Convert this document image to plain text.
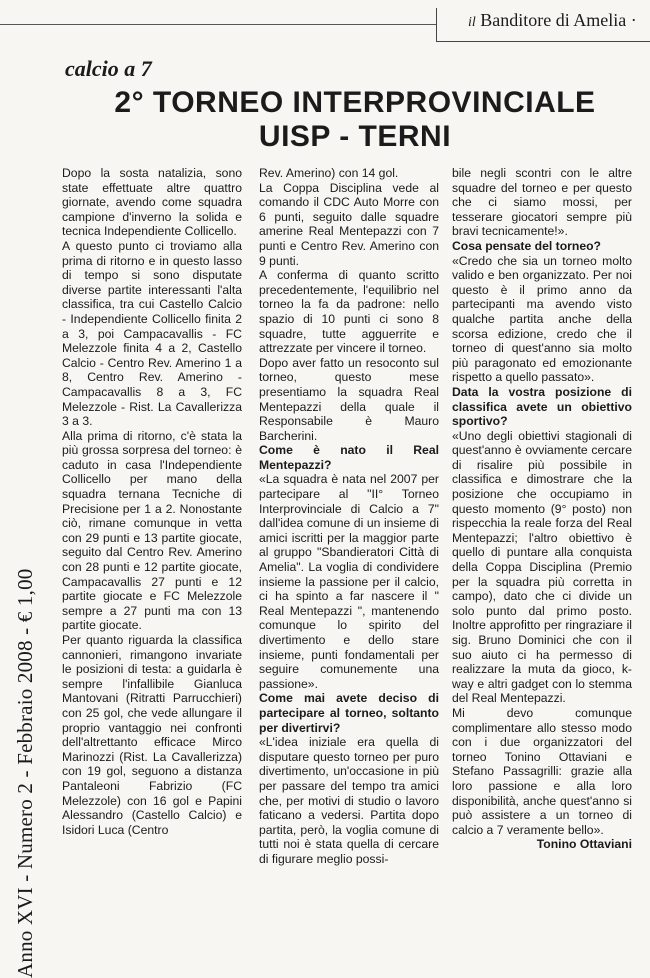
il Banditore di Amelia ·
Anno XVI - Numero 2 - Febbraio 2008 - € 1,00
calcio a 7
2° TORNEO INTERPROVINCIALE
UISP - TERNI

Dopo la sosta natalizia, sono state effettuate altre quattro giornate, avendo come squadra campione d'inverno la solida e tecnica Independiente Collicello.

A questo punto ci troviamo alla prima di ritorno e in questo lasso di tempo si sono disputate diverse partite interessanti l'alta classifica, tra cui Castello Calcio - Independiente Collicello finita 2 a 3, poi Campacavallis - FC Melezzole finita 4 a 2, Castello Calcio - Centro Rev. Amerino 1 a 8, Centro Rev. Amerino - Campacavallis 8 a 3, FC Melezzole - Rist. La Cavallerizza 3 a 3.

Alla prima di ritorno, c'è stata la più grossa sorpresa del torneo: è caduto in casa l'Independiente Collicello per mano della squadra ternana Tecniche di Precisione per 1 a 2. Nonostante ciò, rimane comunque in vetta con 29 punti e 13 partite giocate, seguito dal Centro Rev. Amerino con 28 punti e 12 partite giocate, Campacavallis 27 punti e 12 partite giocate e FC Melezzole sempre a 27 punti ma con 13 partite giocate.

Per quanto riguarda la classifica cannonieri, rimangono invariate le posizioni di testa: a guidarla è sempre l'infallibile Gianluca Mantovani (Ritratti Parrucchieri) con 25 gol, che vede allungare il proprio vantaggio nei confronti dell'altrettanto efficace Mirco Marinozzi (Rist. La Cavallerizza) con 19 gol, seguono a distanza Pantaleoni Fabrizio (FC Melezzole) con 16 gol e Papini Alessandro (Castello Calcio) e Isidori Luca (Centro

Rev. Amerino) con 14 gol.

La Coppa Disciplina vede al comando il CDC Auto Morre con 6 punti, seguito dalle squadre amerine Real Mentepazzi con 7 punti e Centro Rev. Amerino con 9 punti.

A conferma di quanto scritto precedentemente, l'equilibrio nel torneo la fa da padrone: nello spazio di 10 punti ci sono 8 squadre, tutte agguerrite e attrezzate per vincere il torneo.

Dopo aver fatto un resoconto sul torneo, questo mese presentiamo la squadra Real Mentepazzi della quale il Responsabile è Mauro Barcherini.

Come è nato il Real Mentepazzi?

«La squadra è nata nel 2007 per partecipare al "II° Torneo Interprovinciale di Calcio a 7" dall'idea comune di un insieme di amici iscritti per la maggior parte al gruppo "Sbandieratori Città di Amelia". La voglia di condividere insieme la passione per il calcio, ci ha spinto a far nascere il " Real Mentepazzi ", mantenendo comunque lo spirito del divertimento e dello stare insieme, punti fondamentali per seguire comunemente una passione».

Come mai avete deciso di partecipare al torneo, soltanto per divertirvi?

«L'idea iniziale era quella di disputare questo torneo per puro divertimento, un'occasione in più per passare del tempo tra amici che, per motivi di studio o lavoro faticano a vedersi. Partita dopo partita, però, la voglia comune di tutti noi è stata quella di cercare di figurare meglio possi-

bile negli scontri con le altre squadre del torneo e per questo che ci siamo mossi, per tesserare giocatori sempre più bravi tecnicamente!».

Cosa pensate del torneo?

«Credo che sia un torneo molto valido e ben organizzato. Per noi questo è il primo anno da partecipanti ma avendo visto qualche partita anche della scorsa edizione, credo che il torneo di quest'anno sia molto più paragonato ed emozionante rispetto a quello passato».

Data la vostra posizione di classifica avete un obiettivo sportivo?

«Uno degli obiettivi stagionali di quest'anno è ovviamente cercare di risalire più possibile in classifica e dimostrare che la posizione che occupiamo in questo momento (9° posto) non rispecchia la reale forza del Real Mentepazzi; l'altro obiettivo è quello di puntare alla conquista della Coppa Disciplina (Premio per la squadra più corretta in campo), dato che ci divide un solo punto dal primo posto. Inoltre approfitto per ringraziare il sig. Bruno Dominici che con il suo aiuto ci ha permesso di realizzare la muta da gioco, k-way e altri gadget con lo stemma del Real Mentepazzi.

Mi devo comunque complimentare allo stesso modo con i due organizzatori del torneo Tonino Ottaviani e Stefano Passagrilli: grazie alla loro passione e alla loro disponibilità, anche quest'anno si può assistere a un torneo di calcio a 7 veramente bello».

Tonino Ottaviani
